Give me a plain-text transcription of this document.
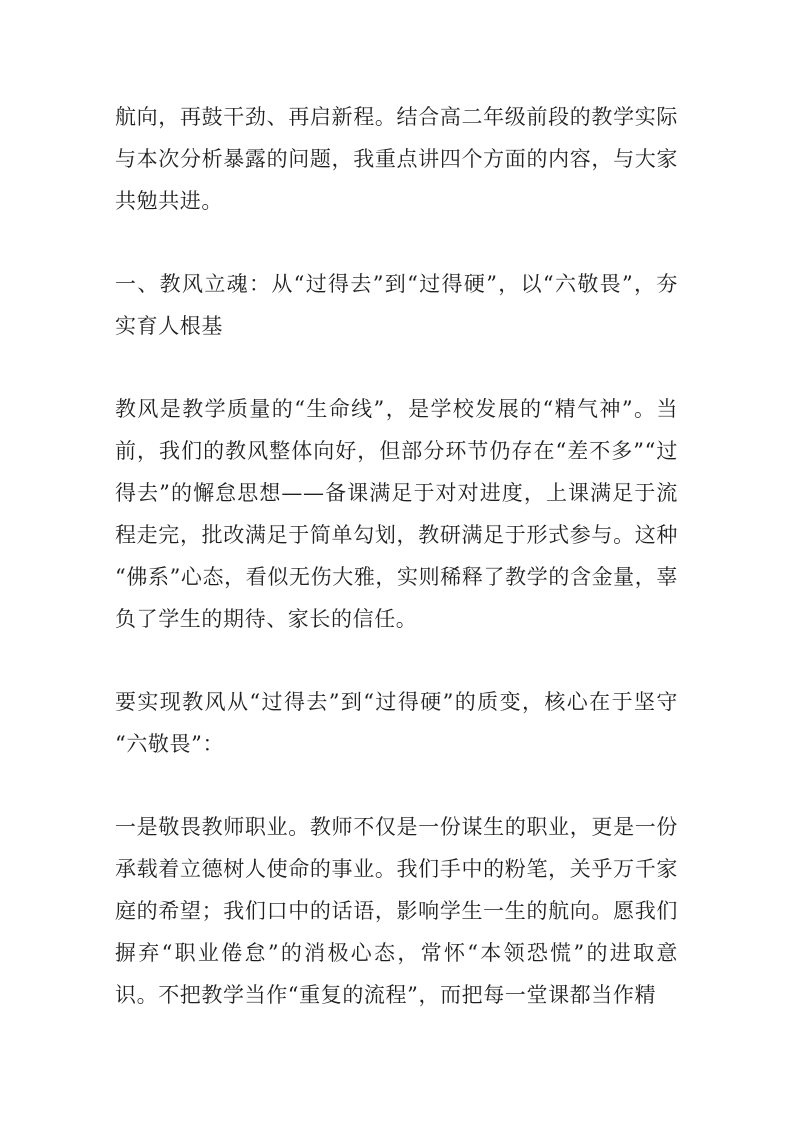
航向，再鼓干劲、再启新程。结合高二年级前段的教学实际与本次分析暴露的问题，我重点讲四个方面的内容，与大家共勉共进。

一、教风立魂：从“过得去”到“过得硬”，以“六敬畏”，夯实育人根基

教风是教学质量的“生命线”，是学校发展的“精气神”。当前，我们的教风整体向好，但部分环节仍存在“差不多”“过得去”的懈怠思想——备课满足于对对进度，上课满足于流程走完，批改满足于简单勾划，教研满足于形式参与。这种“佛系”心态，看似无伤大雅，实则稀释了教学的含金量，辜负了学生的期待、家长的信任。

要实现教风从“过得去”到“过得硬”的质变，核心在于坚守“六敬畏”：

一是敬畏教师职业。教师不仅是一份谋生的职业，更是一份承载着立德树人使命的事业。我们手中的粉笔，关乎万千家庭的希望；我们口中的话语，影响学生一生的航向。愿我们摒弃“职业倦怠”的消极心态，常怀“本领恐慌”的进取意识。不把教学当作“重复的流程”，而把每一堂课都当作精
